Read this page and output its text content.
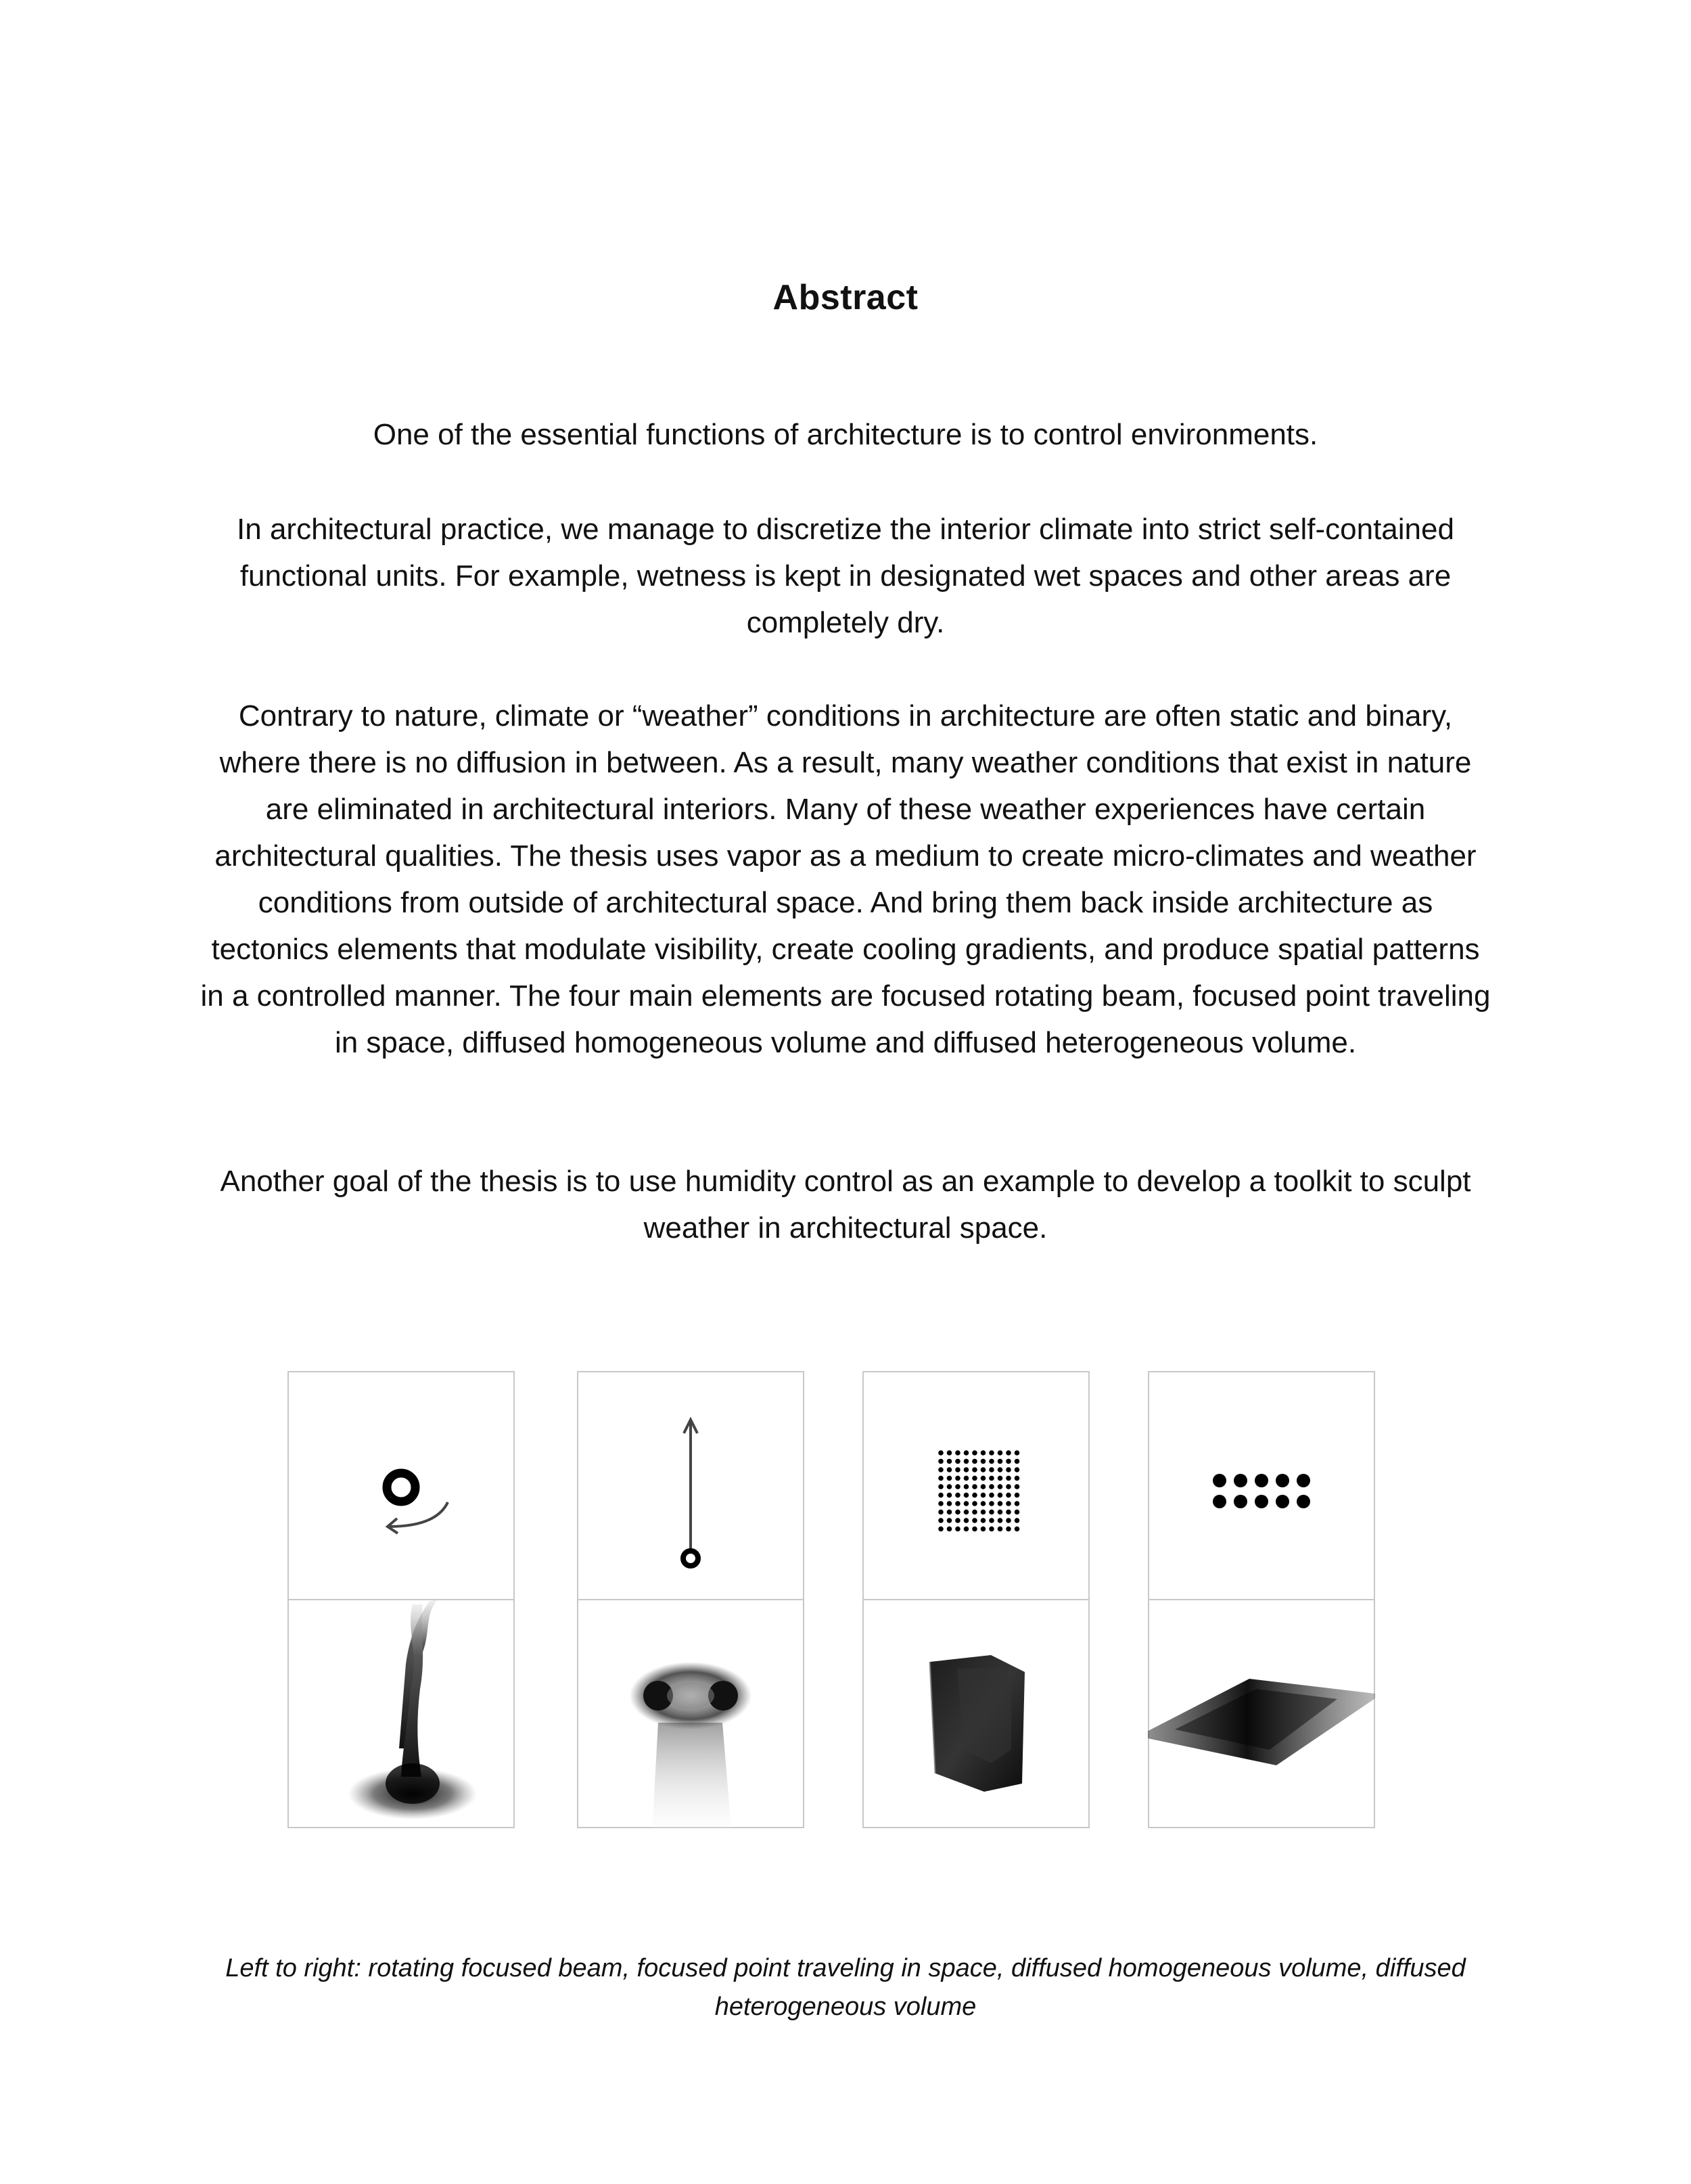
Abstract

One of the essential functions of architecture is to control environments.

In architectural practice, we manage to discretize the interior climate into strict self-contained functional units. For example, wetness is kept in designated wet spaces and other areas are completely dry.

Contrary to nature, climate or “weather” conditions in architecture are often static and binary, where there is no diffusion in between. As a result, many weather conditions that exist in nature are eliminated in architectural interiors. Many of these weather experiences have certain architectural qualities. The thesis uses vapor as a medium to create micro-climates and weather conditions from outside of architectural space. And bring them back inside architecture as tectonics elements that modulate visibility, create cooling gradients, and produce spatial patterns in a controlled manner. The four main elements are focused rotating beam, focused point traveling in space, diffused homogeneous volume and diffused heterogeneous volume.

Another goal of the thesis is to use humidity control as an example to develop a toolkit to sculpt weather in architectural space.

Left to right: rotating focused beam, focused point traveling in space, diffused homogeneous volume, diffused heterogeneous volume
